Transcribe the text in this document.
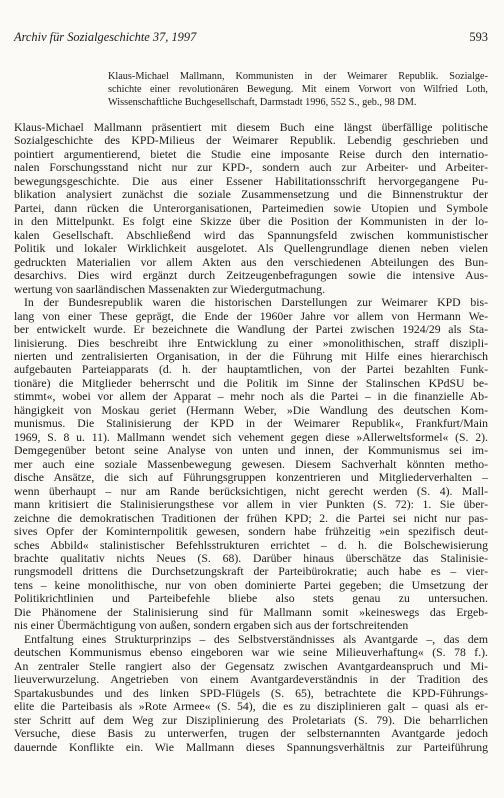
Archiv für Sozialgeschichte 37, 1997	593
Klaus-Michael Mallmann, Kommunisten in der Weimarer Republik. Sozialge-
schichte einer revolutionären Bewegung. Mit einem Vorwort von Wilfried Loth,
Wissenschaftliche Buchgesellschaft, Darmstadt 1996, 552 S., geb., 98 DM.
Klaus-Michael Mallmann präsentiert mit diesem Buch eine längst überfällige politische
Sozialgeschichte des KPD-Milieus der Weimarer Republik. Lebendig geschrieben und
pointiert argumentierend, bietet die Studie eine imposante Reise durch den internatio-
nalen Forschungsstand nicht nur zur KPD-, sondern auch zur Arbeiter- und Arbeiter-
bewegungsgeschichte. Die aus einer Essener Habilitationsschrift hervorgegangene Pu-
blikation analysiert zunächst die soziale Zusammensetzung und die Binnenstruktur der
Partei, dann rücken die Unterorganisationen, Parteimedien sowie Utopien und Symbole
in den Mittelpunkt. Es folgt eine Skizze über die Position der Kommunisten in der lo-
kalen Gesellschaft. Abschließend wird das Spannungsfeld zwischen kommunistischer
Politik und lokaler Wirklichkeit ausgelotet. Als Quellengrundlage dienen neben vielen
gedruckten Materialien vor allem Akten aus den verschiedenen Abteilungen des Bun-
desarchivs. Dies wird ergänzt durch Zeitzeugenbefragungen sowie die intensive Aus-
wertung von saarländischen Massenakten zur Wiedergutmachung.
In der Bundesrepublik waren die historischen Darstellungen zur Weimarer KPD bis-
lang von einer These geprägt, die Ende der 1960er Jahre vor allem von Hermann We-
ber entwickelt wurde. Er bezeichnete die Wandlung der Partei zwischen 1924/29 als Sta-
linisierung. Dies beschreibt ihre Entwicklung zu einer »monolithischen, straff diszipli-
nierten und zentralisierten Organisation, in der die Führung mit Hilfe eines hierarchisch
aufgebauten Parteiapparats (d. h. der hauptamtlichen, von der Partei bezahlten Funk-
tionäre) die Mitglieder beherrscht und die Politik im Sinne der Stalinschen KPdSU be-
stimmt«, wobei vor allem der Apparat – mehr noch als die Partei – in die finanzielle Ab-
hängigkeit von Moskau geriet (Hermann Weber, »Die Wandlung des deutschen Kom-
munismus. Die Stalinisierung der KPD in der Weimarer Republik«, Frankfurt/Main
1969, S. 8 u. 11). Mallmann wendet sich vehement gegen diese »Allerweltsformel« (S. 2).
Demgegenüber betont seine Analyse von unten und innen, der Kommunismus sei im-
mer auch eine soziale Massenbewegung gewesen. Diesem Sachverhalt könnten metho-
dische Ansätze, die sich auf Führungsgruppen konzentrieren und Mitgliederverhalten –
wenn überhaupt – nur am Rande berücksichtigen, nicht gerecht werden (S. 4). Mall-
mann kritisiert die Stalinisierungsthese vor allem in vier Punkten (S. 72): 1. Sie über-
zeichne die demokratischen Traditionen der frühen KPD; 2. die Partei sei nicht nur pas-
sives Opfer der Kominternpolitik gewesen, sondern habe frühzeitig »ein spezifisch deut-
sches Abbild« stalinistischer Befehlsstrukturen errichtet – d. h. die Bolschewisierung
brachte qualitativ nichts Neues (S. 68). Darüber hinaus überschätze das Stalinisie-
rungsmodell drittens die Durchsetzungskraft der Parteibürokratie; auch habe es – vier-
tens – keine monolithische, nur von oben dominierte Partei gegeben; die Umsetzung der
Politikrichtlinien und Parteibefehle bliebe also stets genau zu untersuchen.
Die Phänomene der Stalinisierung sind für Mallmann somit »keineswegs das Ergeb-
nis einer Übermächtigung von außen, sondern ergaben sich aus der fortschreitenden
Entfaltung eines Strukturprinzips – des Selbstverständnisses als Avantgarde –, das dem
deutschen Kommunismus ebenso eingeboren war wie seine Milieuverhaftung« (S. 78 f.).
An zentraler Stelle rangiert also der Gegensatz zwischen Avantgardeanspruch und Mi-
lieuverwurzelung. Angetrieben von einem Avantgardeverständnis in der Tradition des
Spartakusbundes und des linken SPD-Flügels (S. 65), betrachtete die KPD-Führungs-
elite die Parteibasis als »Rote Armee« (S. 54), die es zu disziplinieren galt – quasi als er-
ster Schritt auf dem Weg zur Disziplinierung des Proletariats (S. 79). Die beharrlichen
Versuche, diese Basis zu unterwerfen, trugen der selbsternannten Avantgarde jedoch
dauernde Konflikte ein. Wie Mallmann dieses Spannungsverhältnis zur Parteiführung
